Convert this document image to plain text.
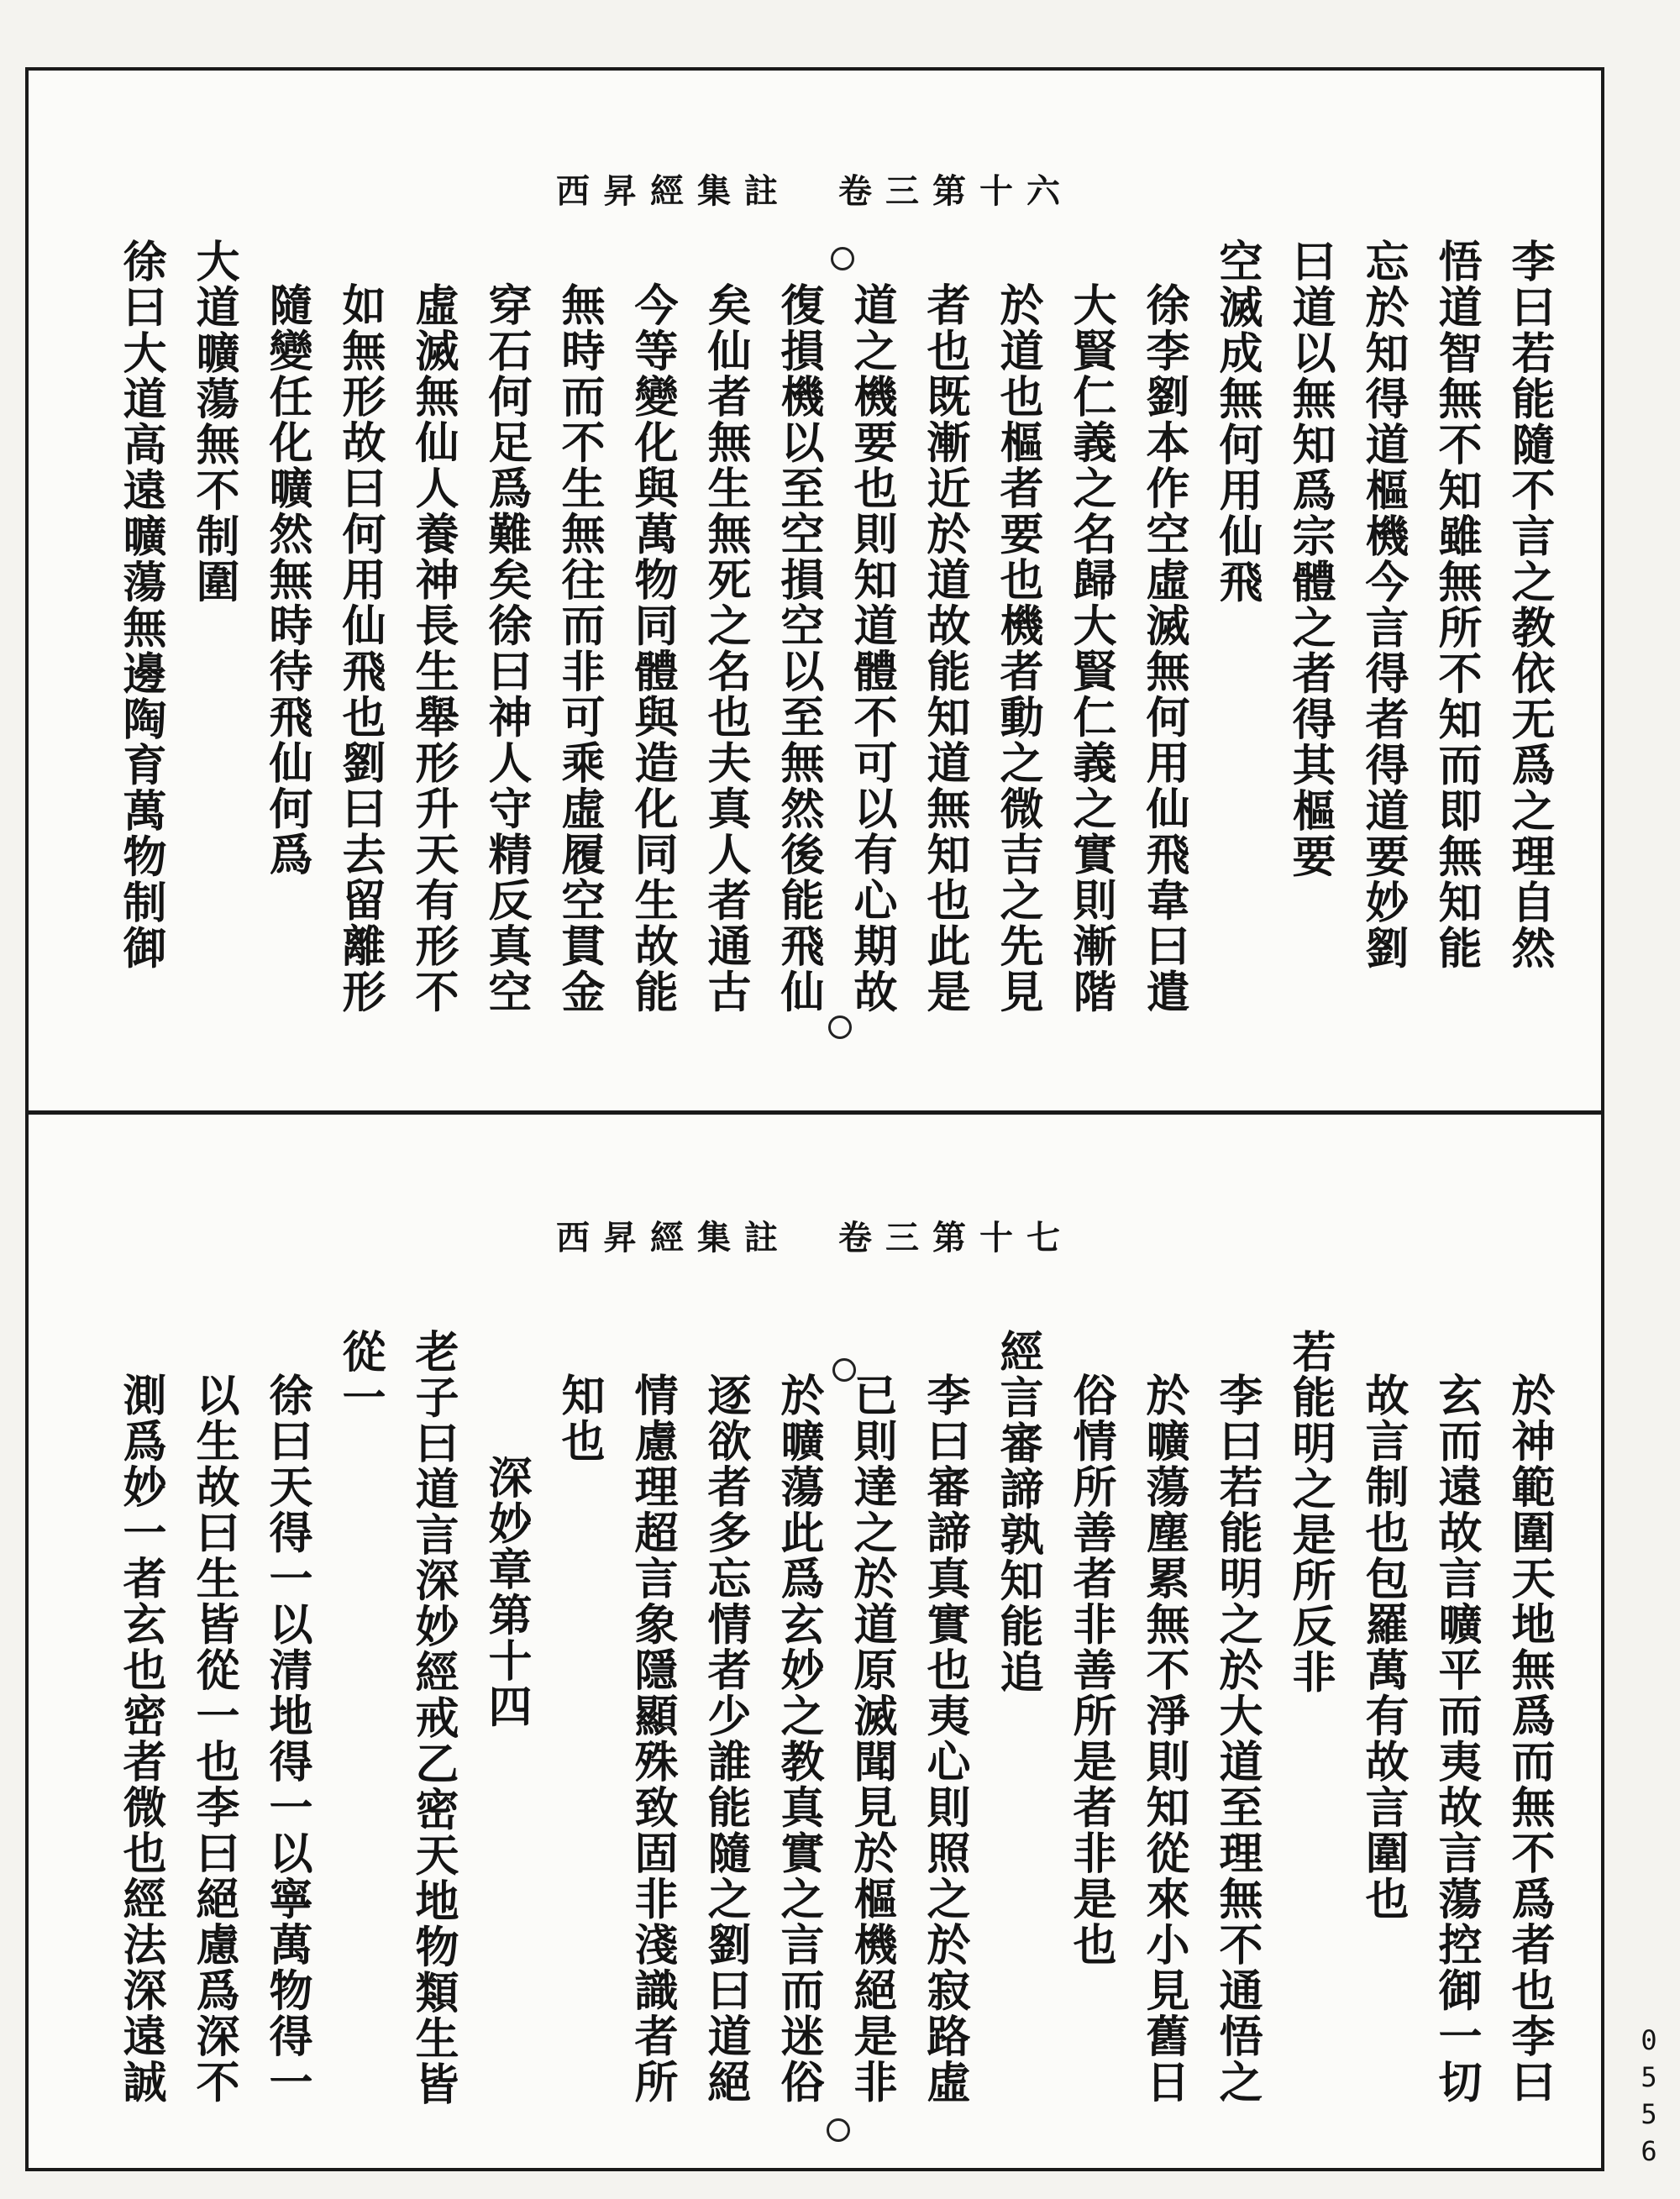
西昇經集註　卷三第十六
李曰若能隨不言之教依无爲之理自然
悟道智無不知雖無所不知而即無知能
忘於知得道樞機今言得者得道要妙劉
曰道以無知爲宗體之者得其樞要
空滅成無何用仙飛
徐李劉本作空虛滅無何用仙飛韋曰遣
大賢仁義之名歸大賢仁義之實則漸階
於道也樞者要也機者動之微吉之先見
者也既漸近於道故能知道無知也此是
道之機要也則知道體不可以有心期故
復損機以至空損空以至無然後能飛仙
矣仙者無生無死之名也夫真人者通古
今等變化與萬物同體與造化同生故能
無時而不生無往而非可乘虛履空貫金
穿石何足爲難矣徐曰神人守精反真空
虛滅無仙人養神長生舉形升天有形不
如無形故曰何用仙飛也劉曰去留離形
隨變任化曠然無時待飛仙何爲
大道曠蕩無不制圍
徐曰大道高遠曠蕩無邊陶育萬物制御
西昇經集註　卷三第十七
於神範圍天地無爲而無不爲者也李曰
玄而遠故言曠平而夷故言蕩控御一切
故言制也包羅萬有故言圍也
若能明之是所反非
李曰若能明之於大道至理無不通悟之
於曠蕩塵累無不淨則知從來小見舊日
俗情所善者非善所是者非是也
經言審諦孰知能追
李曰審諦真實也夷心則照之於寂路虛
已則達之於道原滅聞見於樞機絕是非
於曠蕩此爲玄妙之教真實之言而迷俗
逐欲者多忘情者少誰能隨之劉曰道絕
情慮理超言象隱顯殊致固非淺識者所
知也
深妙章第十四
老子曰道言深妙經戒乙密天地物類生皆
從一
徐曰天得一以清地得一以寧萬物得一
以生故曰生皆從一也李曰絕慮爲深不
測爲妙一者玄也密者微也經法深遠誠	0556
